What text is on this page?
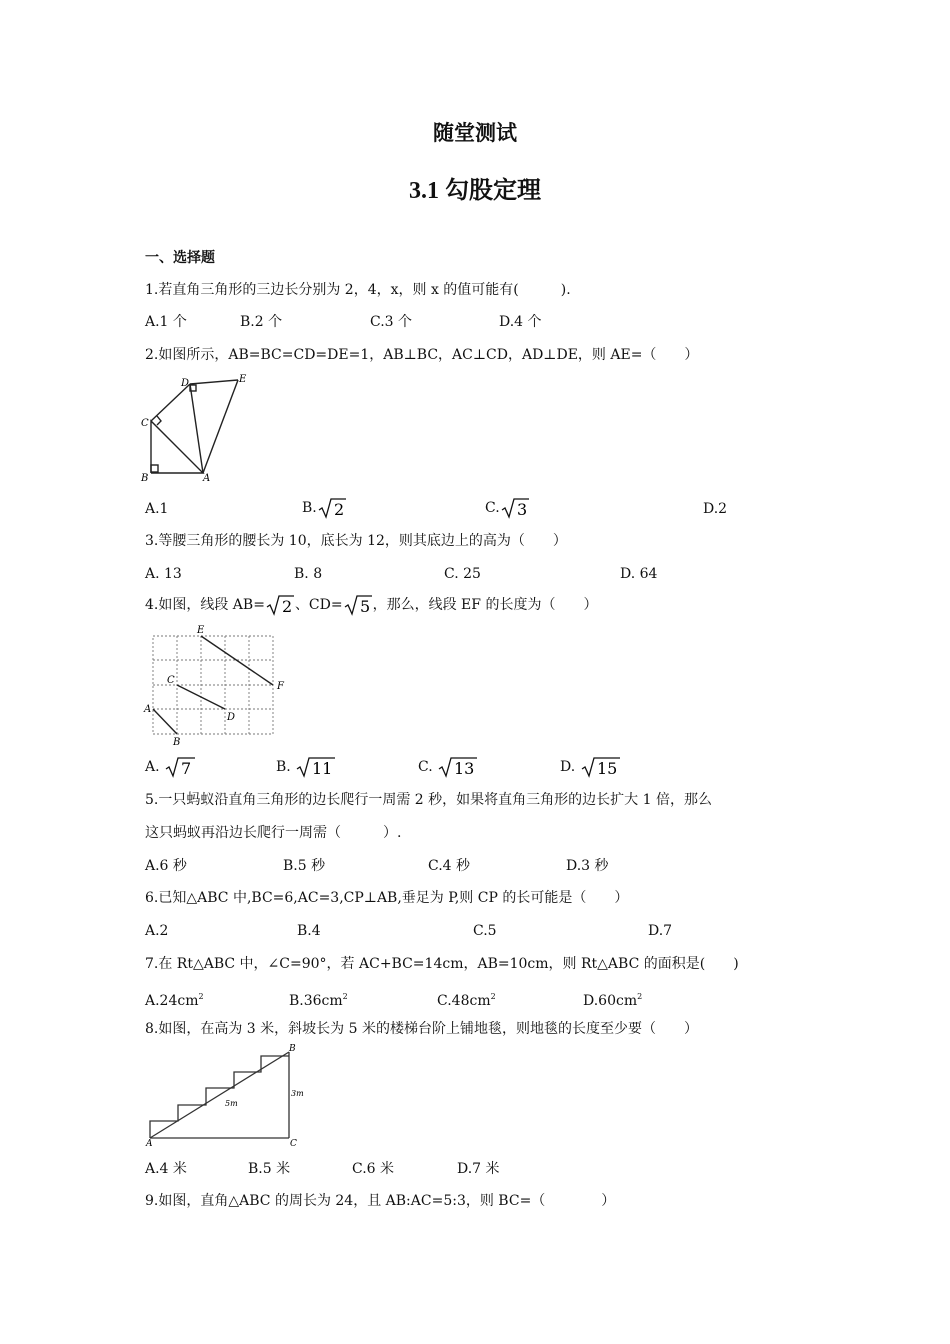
随堂测试
3.1 勾股定理
一、选择题
1.若直角三角形的三边长分别为 2，4，x，则 x 的值可能有(　　　).
A.1 个	B.2 个	C.3 个	D.4 个
2.如图所示，AB=BC=CD=DE=1，AB⊥BC，AC⊥CD，AD⊥DE，则 AE=（　　）
B	A
C
D	E
A.1	B. 2	C. 3	D.2
3.等腰三角形的腰长为 10，底长为 12，则其底边上的高为（　　）
A. 13	B. 8	C. 25	D. 64
4.如图，线段 AB= 2 、CD= 5 ，那么，线段 EF 的长度为（　　）
A
B
C
D
E
F
A. 7	B. 11	C. 13	D. 15
5.一只蚂蚁沿直角三角形的边长爬行一周需 2 秒，如果将直角三角形的边长扩大 1 倍，那么
这只蚂蚁再沿边长爬行一周需（　　　）.
A.6 秒	B.5 秒	C.4 秒	D.3 秒
6.已知△ABC 中,BC=6,AC=3,CP⊥AB,垂足为 P,则 CP 的长可能是（　　）
A.2	B.4	C.5	D.7
7.在 Rt△ABC 中，∠C=90°，若 AC+BC=14cm，AB=10cm，则 Rt△ABC 的面积是(　　)
$A.24cm^2$	$B.36cm^2$	$C.48cm^2$	$D.60cm^2$
8.如图，在高为 3 米，斜坡长为 5 米的楼梯台阶上铺地毯，则地毯的长度至少要（　　）
A
B
C
5m
3m
A.4 米	B.5 米	C.6 米	D.7 米
9.如图，直角△ABC 的周长为 24，且 AB:AC=5:3，则 BC=（　　　　）
